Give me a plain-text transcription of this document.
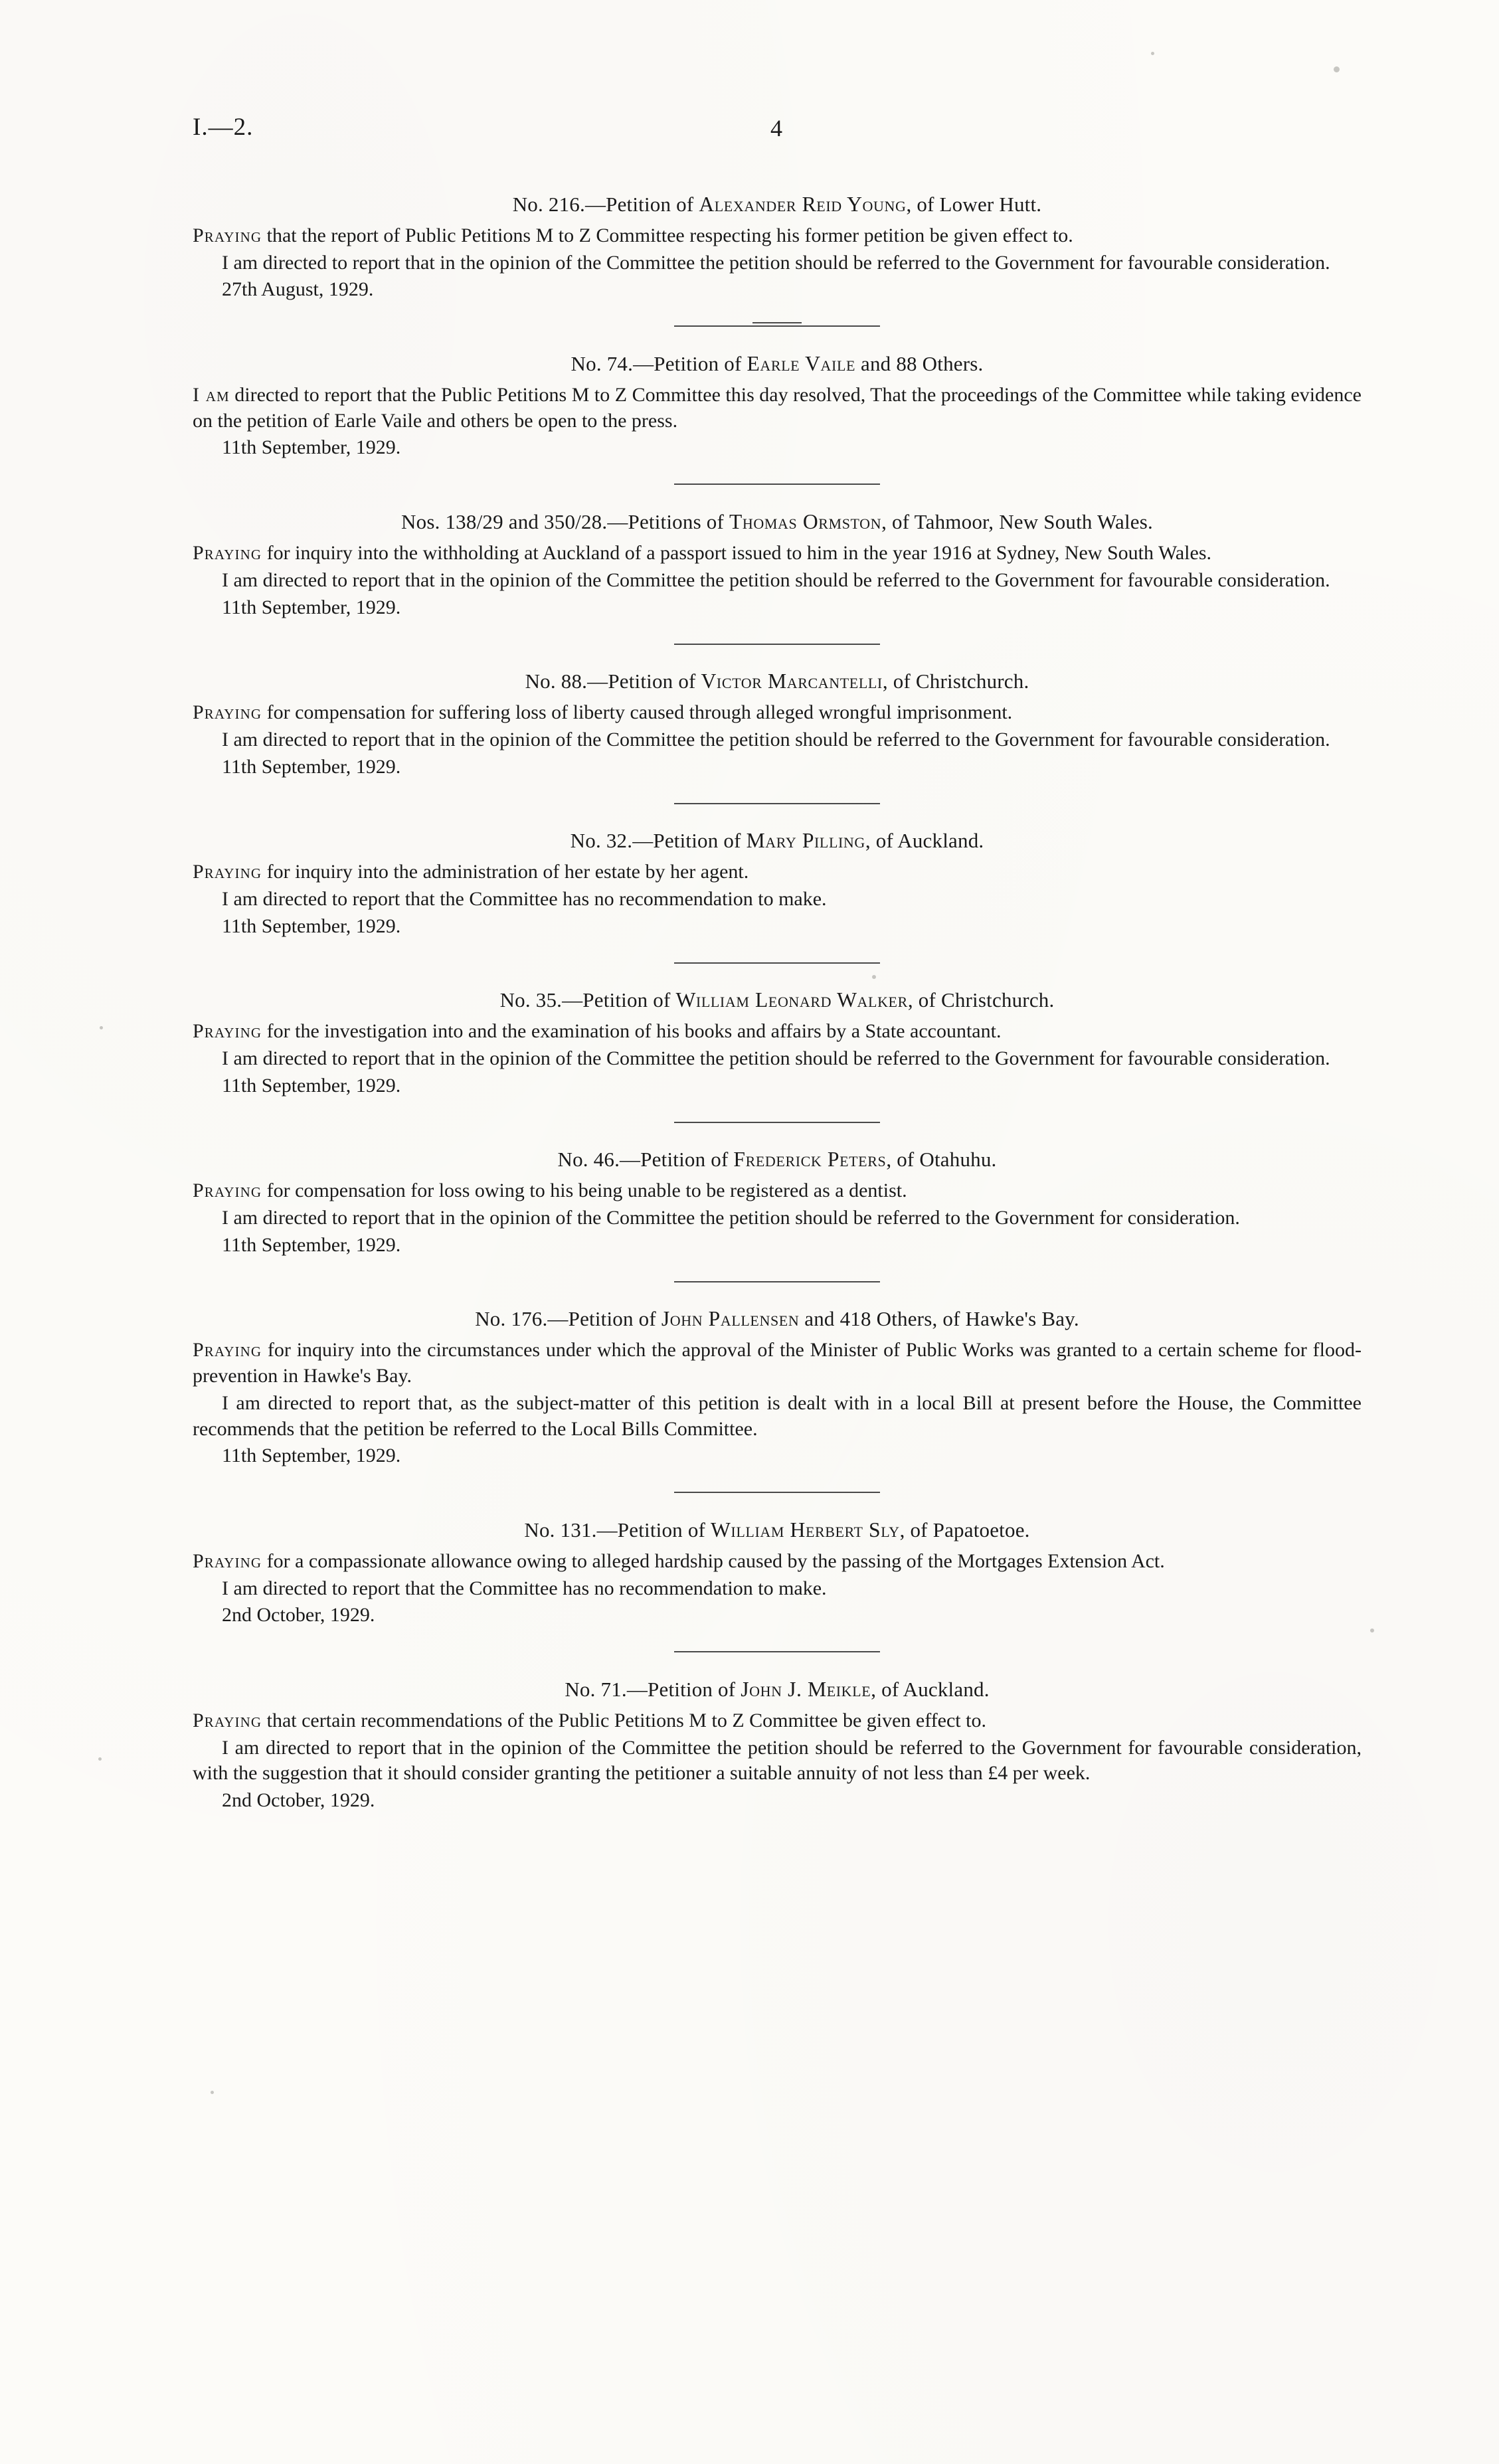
I.—2.	4
No. 216.—Petition of Alexander Reid Young, of Lower Hutt.

Praying that the report of Public Petitions M to Z Committee respecting his former petition be given effect to.

I am directed to report that in the opinion of the Committee the petition should be referred to the Government for favourable consideration.

27th August, 1929.

No. 74.—Petition of Earle Vaile and 88 Others.

I am directed to report that the Public Petitions M to Z Committee this day resolved, That the proceedings of the Committee while taking evidence on the petition of Earle Vaile and others be open to the press.

11th September, 1929.

Nos. 138/29 and 350/28.—Petitions of Thomas Ormston, of Tahmoor, New South Wales.

Praying for inquiry into the withholding at Auckland of a passport issued to him in the year 1916 at Sydney, New South Wales.

I am directed to report that in the opinion of the Committee the petition should be referred to the Government for favourable consideration.

11th September, 1929.

No. 88.—Petition of Victor Marcantelli, of Christchurch.

Praying for compensation for suffering loss of liberty caused through alleged wrongful imprisonment.

I am directed to report that in the opinion of the Committee the petition should be referred to the Government for favourable consideration.

11th September, 1929.

No. 32.—Petition of Mary Pilling, of Auckland.

Praying for inquiry into the administration of her estate by her agent.

I am directed to report that the Committee has no recommendation to make.

11th September, 1929.

No. 35.—Petition of William Leonard Walker, of Christchurch.

Praying for the investigation into and the examination of his books and affairs by a State accountant.

I am directed to report that in the opinion of the Committee the petition should be referred to the Government for favourable consideration.

11th September, 1929.

No. 46.—Petition of Frederick Peters, of Otahuhu.

Praying for compensation for loss owing to his being unable to be registered as a dentist.

I am directed to report that in the opinion of the Committee the petition should be referred to the Government for consideration.

11th September, 1929.

No. 176.—Petition of John Pallensen and 418 Others, of Hawke's Bay.

Praying for inquiry into the circumstances under which the approval of the Minister of Public Works was granted to a certain scheme for flood-prevention in Hawke's Bay.

I am directed to report that, as the subject-matter of this petition is dealt with in a local Bill at present before the House, the Committee recommends that the petition be referred to the Local Bills Committee.

11th September, 1929.

No. 131.—Petition of William Herbert Sly, of Papatoetoe.

Praying for a compassionate allowance owing to alleged hardship caused by the passing of the Mortgages Extension Act.

I am directed to report that the Committee has no recommendation to make.

2nd October, 1929.

No. 71.—Petition of John J. Meikle, of Auckland.

Praying that certain recommendations of the Public Petitions M to Z Committee be given effect to.

I am directed to report that in the opinion of the Committee the petition should be referred to the Government for favourable consideration, with the suggestion that it should consider granting the petitioner a suitable annuity of not less than £4 per week.

2nd October, 1929.
